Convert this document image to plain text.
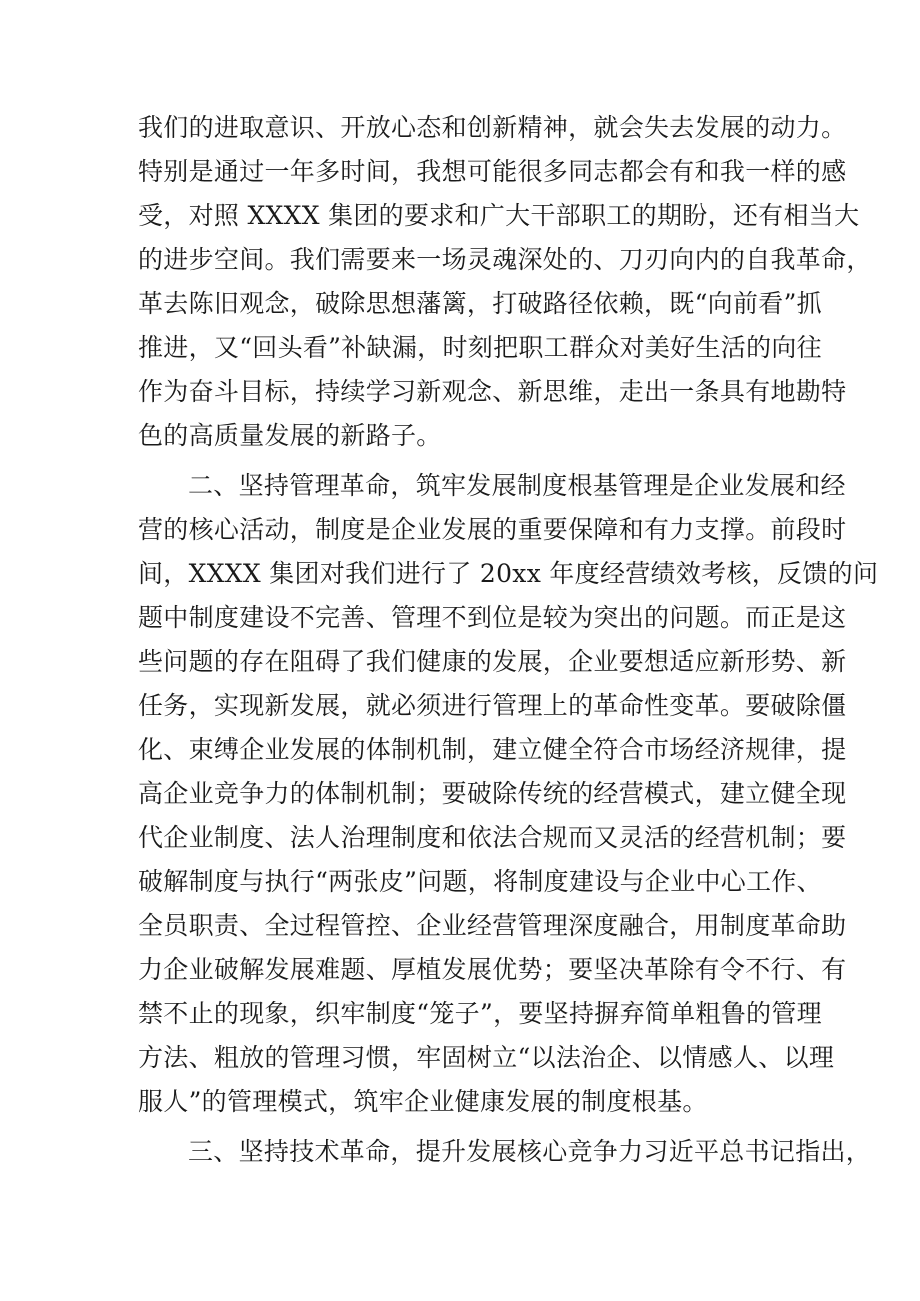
我们的进取意识、开放心态和创新精神，就会失去发展的动力。
特别是通过一年多时间，我想可能很多同志都会有和我一样的感
受，对照 XXXX 集团的要求和广大干部职工的期盼，还有相当大
的进步空间。我们需要来一场灵魂深处的、刀刃向内的自我革命，
革去陈旧观念，破除思想藩篱，打破路径依赖，既“向前看”抓
推进，又“回头看”补缺漏，时刻把职工群众对美好生活的向往
作为奋斗目标，持续学习新观念、新思维，走出一条具有地勘特
色的高质量发展的新路子。
二、坚持管理革命，筑牢发展制度根基管理是企业发展和经
营的核心活动，制度是企业发展的重要保障和有力支撑。前段时
间，XXXX 集团对我们进行了 20xx 年度经营绩效考核，反馈的问
题中制度建设不完善、管理不到位是较为突出的问题。而正是这
些问题的存在阻碍了我们健康的发展，企业要想适应新形势、新
任务，实现新发展，就必须进行管理上的革命性变革。要破除僵
化、束缚企业发展的体制机制，建立健全符合市场经济规律，提
高企业竞争力的体制机制；要破除传统的经营模式，建立健全现
代企业制度、法人治理制度和依法合规而又灵活的经营机制；要
破解制度与执行“两张皮”问题，将制度建设与企业中心工作、
全员职责、全过程管控、企业经营管理深度融合，用制度革命助
力企业破解发展难题、厚植发展优势；要坚决革除有令不行、有
禁不止的现象，织牢制度“笼子”，要坚持摒弃简单粗鲁的管理
方法、粗放的管理习惯，牢固树立“以法治企、以情感人、以理
服人”的管理模式，筑牢企业健康发展的制度根基。
三、坚持技术革命，提升发展核心竞争力习近平总书记指出，
